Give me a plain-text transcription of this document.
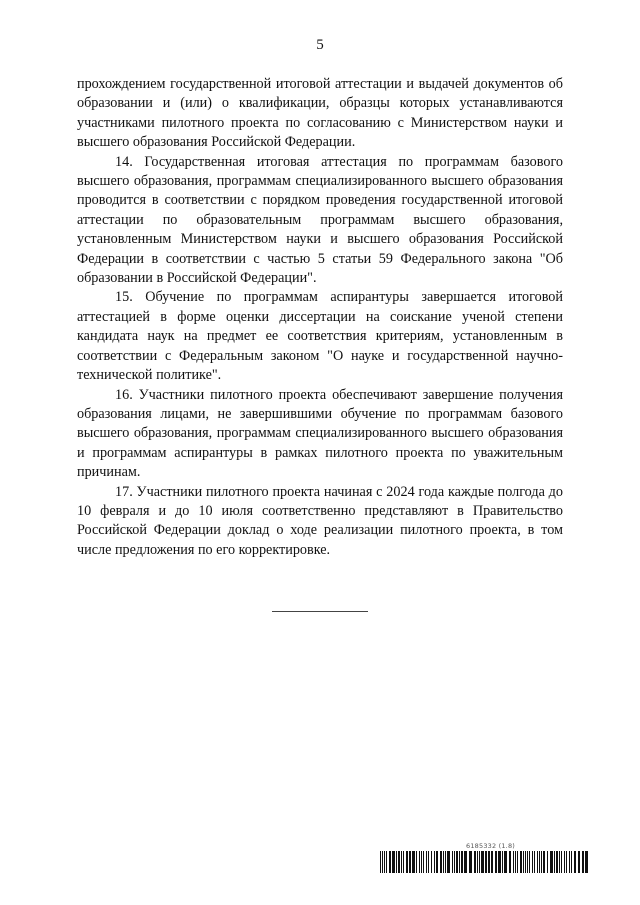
5

прохождением государственной итоговой аттестации и выдачей документов об образовании и (или) о квалификации, образцы которых устанавливаются участниками пилотного проекта по согласованию с Министерством науки и высшего образования Российской Федерации.

14. Государственная итоговая аттестация по программам базового высшего образования, программам специализированного высшего образования проводится в соответствии с порядком проведения государственной итоговой аттестации по образовательным программам высшего образования, установленным Министерством науки и высшего образования Российской Федерации в соответствии с частью 5 статьи 59 Федерального закона "Об образовании в Российской Федерации".

15. Обучение по программам аспирантуры завершается итоговой аттестацией в форме оценки диссертации на соискание ученой степени кандидата наук на предмет ее соответствия критериям, установленным в соответствии с Федеральным законом "О науке и государственной научно-технической политике".

16. Участники пилотного проекта обеспечивают завершение получения образования лицами, не завершившими обучение по программам базового высшего образования, программам специализированного высшего образования и программам аспирантуры в рамках пилотного проекта по уважительным причинам.

17. Участники пилотного проекта начиная с 2024 года каждые полгода до 10 февраля и до 10 июля соответственно представляют в Правительство Российской Федерации доклад о ходе реализации пилотного проекта, в том числе предложения по его корректировке.

6185332 (1.8)
